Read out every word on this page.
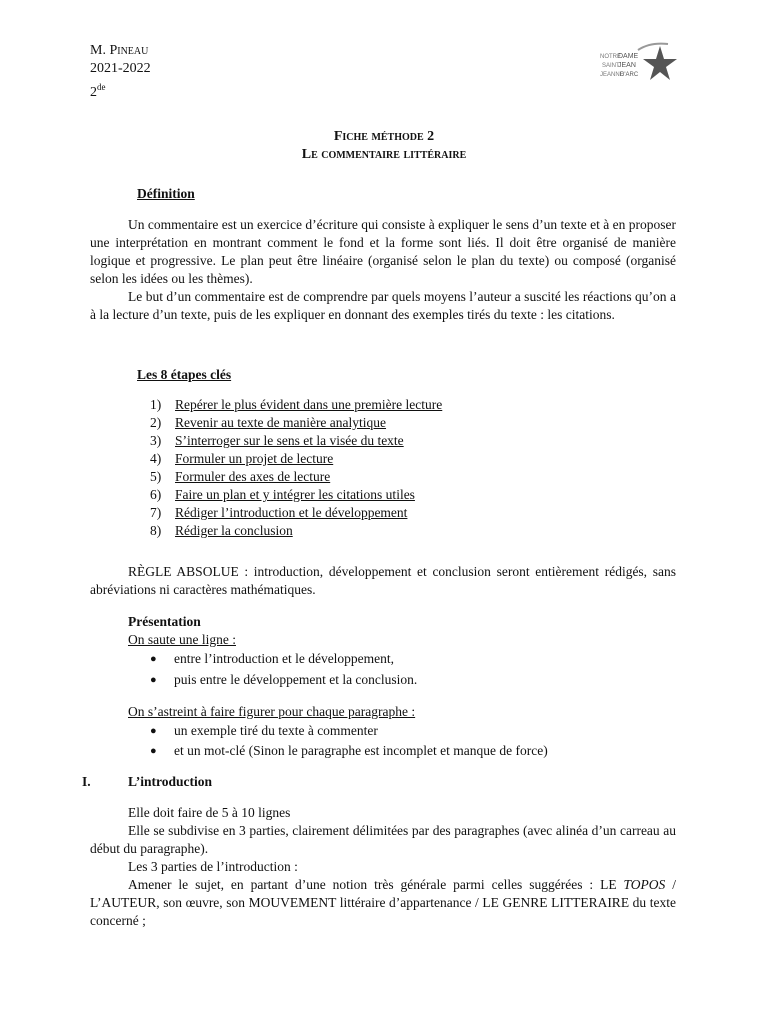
M. Pineau
2021-2022
2de
NOTRE
DAME
SAINT
JEAN
JEANNE
D'ARC
Fiche méthode 2
Le commentaire littéraire
Définition

Un commentaire est un exercice d’écriture qui consiste à expliquer le sens d’un texte et à en proposer une interprétation en montrant comment le fond et la forme sont liés. Il doit être organisé de manière logique et progressive. Le plan peut être linéaire (organisé selon le plan du texte) ou composé (organisé selon les idées ou les thèmes).

Le but d’un commentaire est de comprendre par quels moyens l’auteur a suscité les réactions qu’on a à la lecture d’un texte, puis de les expliquer en donnant des exemples tirés du texte : les citations.

Les 8 étapes clés
1)	Repérer le plus évident dans une première lecture
2)	Revenir au texte de manière analytique
3)	S’interroger sur le sens et la visée du texte
4)	Formuler un projet de lecture
5)	Formuler des axes de lecture
6)	Faire un plan et y intégrer les citations utiles
7)	Rédiger l’introduction et le développement
8)	Rédiger la conclusion

RÈGLE ABSOLUE : introduction, développement et conclusion seront entièrement rédigés, sans abréviations ni caractères mathématiques.

Présentation
On saute une ligne :
●	entre l’introduction et le développement,
●	puis entre le développement et la conclusion.
On s’astreint à faire figurer pour chaque paragraphe :
●	un exemple tiré du texte à commenter
●	et un mot-clé (Sinon le paragraphe est incomplet et manque de force)
I.	L’introduction

Elle doit faire de 5 à 10 lignes

Elle se subdivise en 3 parties, clairement délimitées par des paragraphes (avec alinéa d’un carreau au début du paragraphe).

Les 3 parties de l’introduction :

Amener le sujet, en partant d’une notion très générale parmi celles suggérées : LE TOPOS / L’AUTEUR, son œuvre, son MOUVEMENT littéraire d’appartenance / LE GENRE LITTERAIRE du texte concerné ;
